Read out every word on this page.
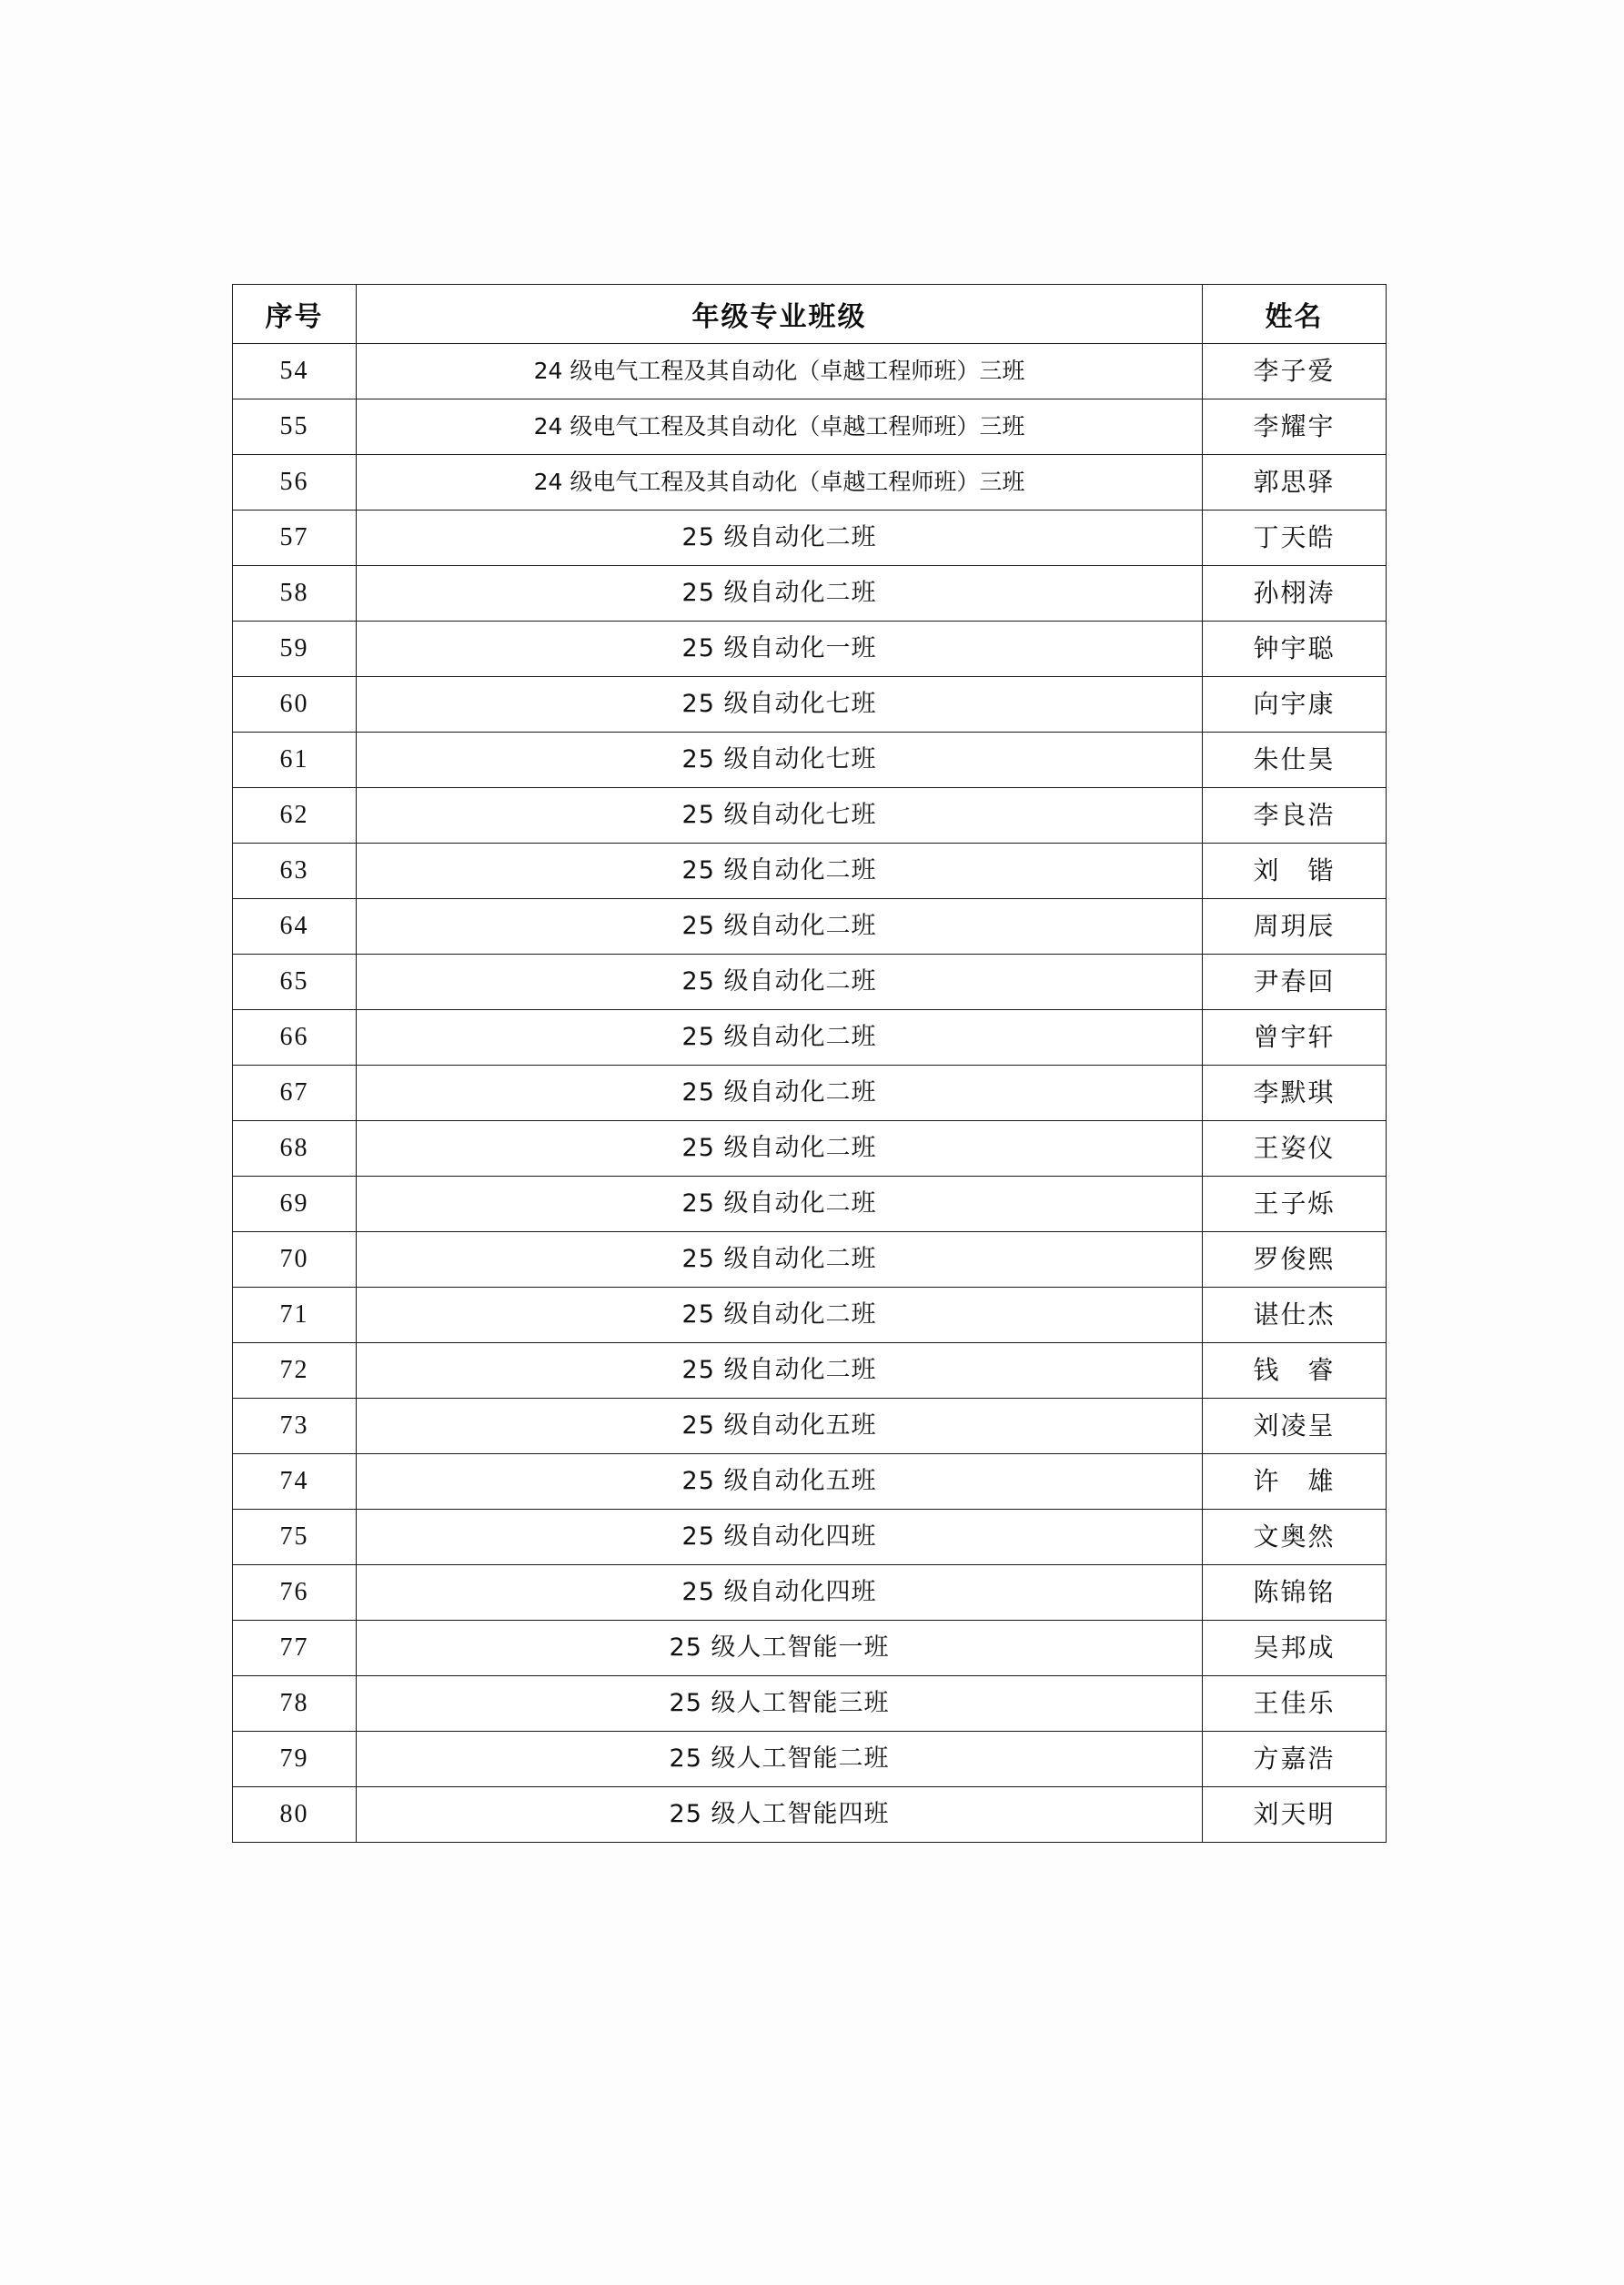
序号	年级专业班级	姓名
54	24 级电气工程及其自动化（卓越工程师班）三班	李子爱
55	24 级电气工程及其自动化（卓越工程师班）三班	李耀宇
56	24 级电气工程及其自动化（卓越工程师班）三班	郭思驿
57	25 级自动化二班	丁天皓
58	25 级自动化二班	孙栩涛
59	25 级自动化一班	钟宇聪
60	25 级自动化七班	向宇康
61	25 级自动化七班	朱仕昊
62	25 级自动化七班	李良浩
63	25 级自动化二班	刘　锴
64	25 级自动化二班	周玥辰
65	25 级自动化二班	尹春回
66	25 级自动化二班	曾宇轩
67	25 级自动化二班	李默琪
68	25 级自动化二班	王姿仪
69	25 级自动化二班	王子烁
70	25 级自动化二班	罗俊熙
71	25 级自动化二班	谌仕杰
72	25 级自动化二班	钱　睿
73	25 级自动化五班	刘凌呈
74	25 级自动化五班	许　雄
75	25 级自动化四班	文奥然
76	25 级自动化四班	陈锦铭
77	25 级人工智能一班	吴邦成
78	25 级人工智能三班	王佳乐
79	25 级人工智能二班	方嘉浩
80	25 级人工智能四班	刘天明
